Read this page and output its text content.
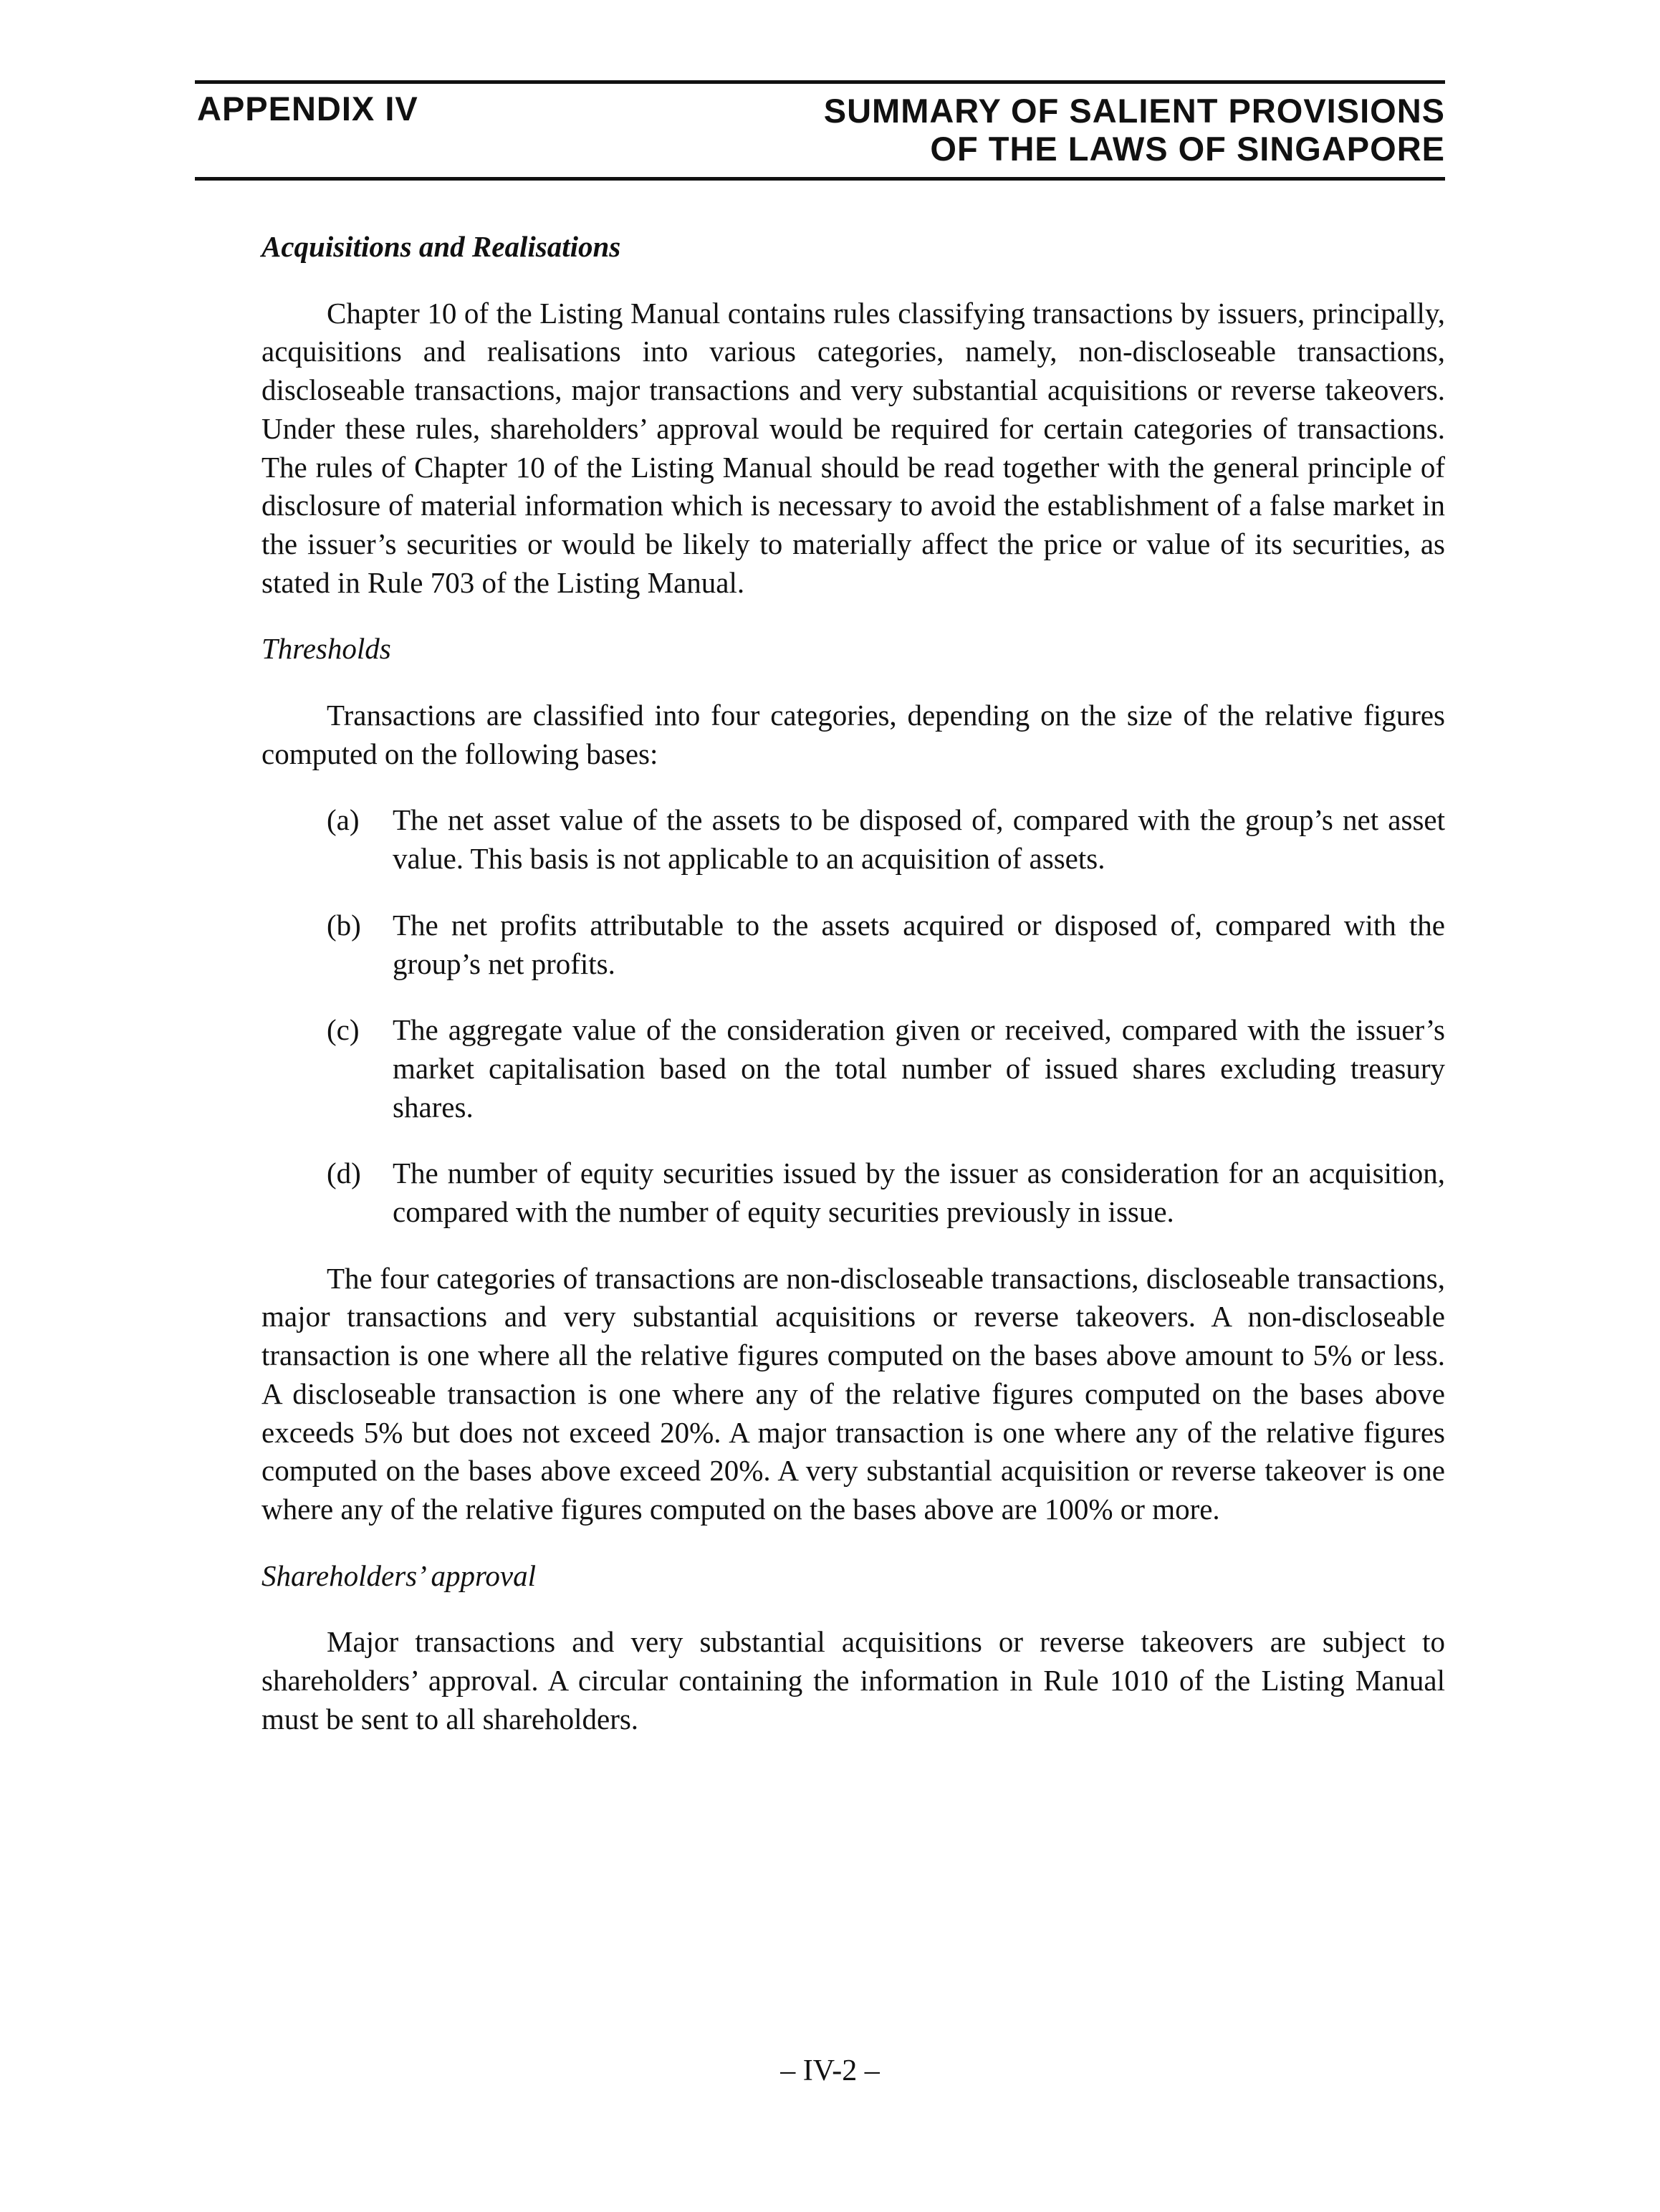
APPENDIX IV	SUMMARY OF SALIENT PROVISIONS
OF THE LAWS OF SINGAPORE
Acquisitions and Realisations

Chapter 10 of the Listing Manual contains rules classifying transactions by issuers, principally, acquisitions and realisations into various categories, namely, non-discloseable transactions, discloseable transactions, major transactions and very substantial acquisitions or reverse takeovers. Under these rules, shareholders’ approval would be required for certain categories of transactions. The rules of Chapter 10 of the Listing Manual should be read together with the general principle of disclosure of material information which is necessary to avoid the establishment of a false market in the issuer’s securities or would be likely to materially affect the price or value of its securities, as stated in Rule 703 of the Listing Manual.

Thresholds

Transactions are classified into four categories, depending on the size of the relative figures computed on the following bases:

(a) The net asset value of the assets to be disposed of, compared with the group’s net asset value. This basis is not applicable to an acquisition of assets.
(b) The net profits attributable to the assets acquired or disposed of, compared with the group’s net profits.
(c) The aggregate value of the consideration given or received, compared with the issuer’s market capitalisation based on the total number of issued shares excluding treasury shares.
(d) The number of equity securities issued by the issuer as consideration for an acquisition, compared with the number of equity securities previously in issue.

The four categories of transactions are non-discloseable transactions, discloseable transactions, major transactions and very substantial acquisitions or reverse takeovers. A non-discloseable transaction is one where all the relative figures computed on the bases above amount to 5% or less. A discloseable transaction is one where any of the relative figures computed on the bases above exceeds 5% but does not exceed 20%. A major transaction is one where any of the relative figures computed on the bases above exceed 20%. A very substantial acquisition or reverse takeover is one where any of the relative figures computed on the bases above are 100% or more.

Shareholders’ approval

Major transactions and very substantial acquisitions or reverse takeovers are subject to shareholders’ approval. A circular containing the information in Rule 1010 of the Listing Manual must be sent to all shareholders.

– IV-2 –
